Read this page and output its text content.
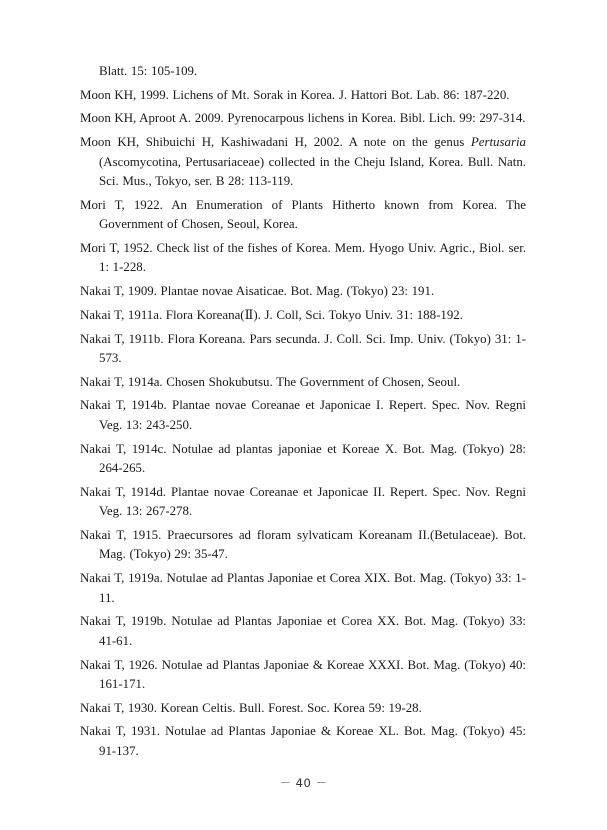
Blatt. 15: 105-109.
Moon KH, 1999. Lichens of Mt. Sorak in Korea. J. Hattori Bot. Lab. 86: 187-220.
Moon KH, Aproot A. 2009. Pyrenocarpous lichens in Korea. Bibl. Lich. 99: 297-314.
Moon KH, Shibuichi H, Kashiwadani H, 2002. A note on the genus Pertusaria (Ascomycotina, Pertusariaceae) collected in the Cheju Island, Korea. Bull. Natn. Sci. Mus., Tokyo, ser. B 28: 113-119.
Mori T, 1922. An Enumeration of Plants Hitherto known from Korea. The Government of Chosen, Seoul, Korea.
Mori T, 1952. Check list of the fishes of Korea. Mem. Hyogo Univ. Agric., Biol. ser. 1: 1-228.
Nakai T, 1909. Plantae novae Aisaticae. Bot. Mag. (Tokyo) 23: 191.
Nakai T, 1911a. Flora Koreana(Ⅱ). J. Coll, Sci. Tokyo Univ. 31: 188-192.
Nakai T, 1911b. Flora Koreana. Pars secunda. J. Coll. Sci. Imp. Univ. (Tokyo) 31: 1-573.
Nakai T, 1914a. Chosen Shokubutsu. The Government of Chosen, Seoul.
Nakai T, 1914b. Plantae novae Coreanae et Japonicae I. Repert. Spec. Nov. Regni Veg. 13: 243-250.
Nakai T, 1914c. Notulae ad plantas japoniae et Koreae X. Bot. Mag. (Tokyo) 28: 264-265.
Nakai T, 1914d. Plantae novae Coreanae et Japonicae II. Repert. Spec. Nov. Regni Veg. 13: 267-278.
Nakai T, 1915. Praecursores ad floram sylvaticam Koreanam II.(Betulaceae). Bot. Mag. (Tokyo) 29: 35-47.
Nakai T, 1919a. Notulae ad Plantas Japoniae et Corea XIX. Bot. Mag. (Tokyo) 33: 1-11.
Nakai T, 1919b. Notulae ad Plantas Japoniae et Corea XX. Bot. Mag. (Tokyo) 33: 41-61.
Nakai T, 1926. Notulae ad Plantas Japoniae & Koreae XXXI. Bot. Mag. (Tokyo) 40: 161-171.
Nakai T, 1930. Korean Celtis. Bull. Forest. Soc. Korea 59: 19-28.
Nakai T, 1931. Notulae ad Plantas Japoniae & Koreae XL. Bot. Mag. (Tokyo) 45: 91-137.
－ 40 －
